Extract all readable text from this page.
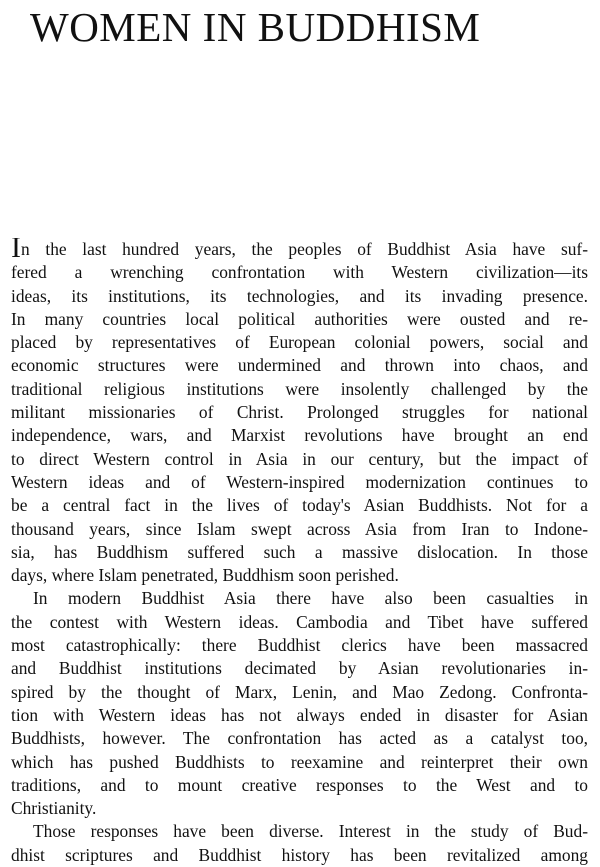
WOMEN IN BUDDHISM
In the last hundred years, the peoples of Buddhist Asia have suf-
fered a wrenching confrontation with Western civilization—its
ideas, its institutions, its technologies, and its invading presence.
In many countries local political authorities were ousted and re-
placed by representatives of European colonial powers, social and
economic structures were undermined and thrown into chaos, and
traditional religious institutions were insolently challenged by the
militant missionaries of Christ. Prolonged struggles for national
independence, wars, and Marxist revolutions have brought an end
to direct Western control in Asia in our century, but the impact of
Western ideas and of Western-inspired modernization continues to
be a central fact in the lives of today's Asian Buddhists. Not for a
thousand years, since Islam swept across Asia from Iran to Indone-
sia, has Buddhism suffered such a massive dislocation. In those
days, where Islam penetrated, Buddhism soon perished.
In modern Buddhist Asia there have also been casualties in
the contest with Western ideas. Cambodia and Tibet have suffered
most catastrophically: there Buddhist clerics have been massacred
and Buddhist institutions decimated by Asian revolutionaries in-
spired by the thought of Marx, Lenin, and Mao Zedong. Confronta-
tion with Western ideas has not always ended in disaster for Asian
Buddhists, however. The confrontation has acted as a catalyst too,
which has pushed Buddhists to reexamine and reinterpret their own
traditions, and to mount creative responses to the West and to
Christianity.
Those responses have been diverse. Interest in the study of Bud-
dhist scriptures and Buddhist history has been revitalized among
